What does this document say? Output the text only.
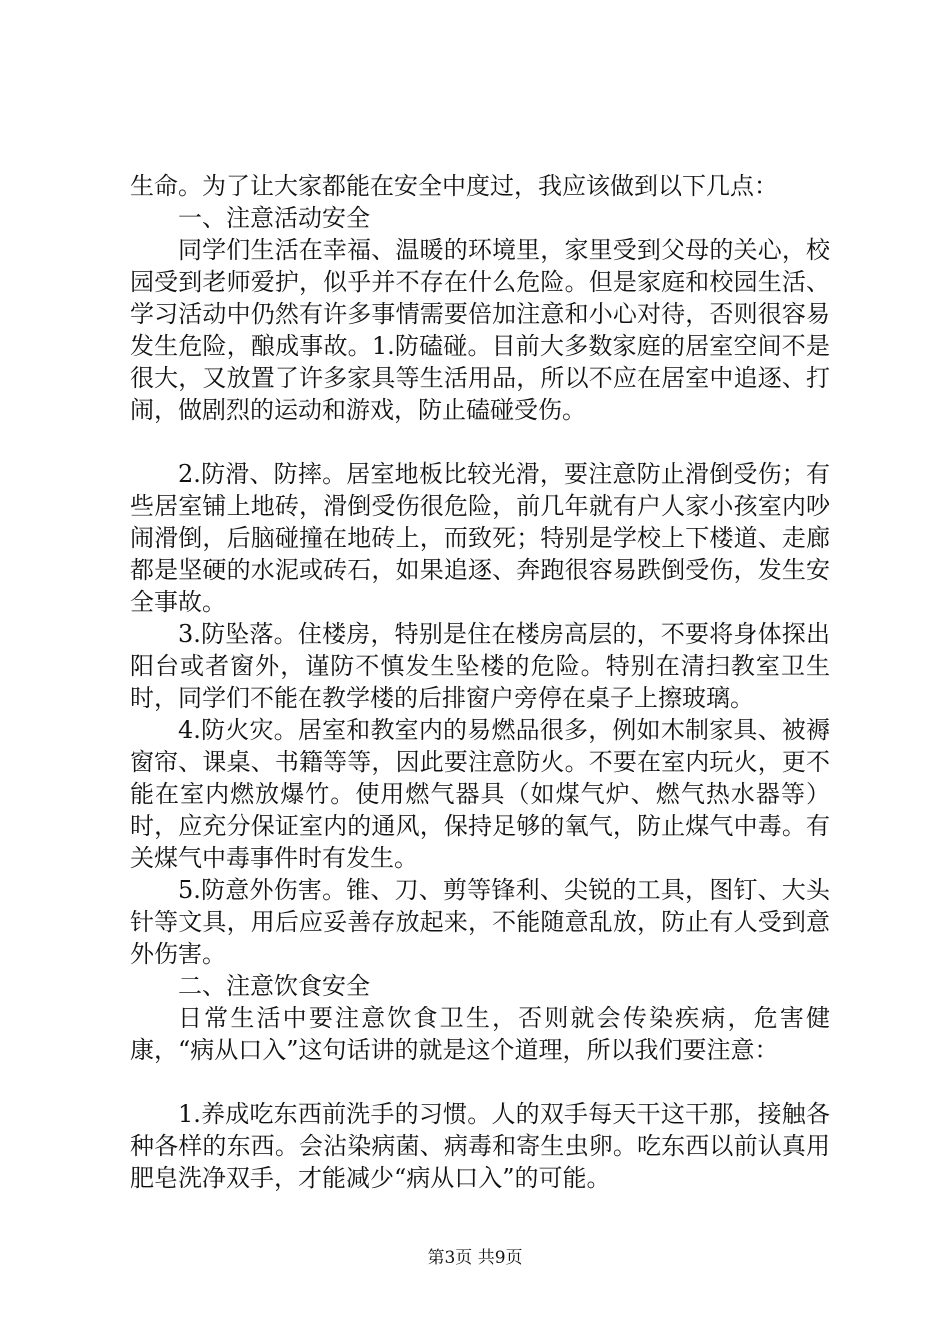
生命。为了让大家都能在安全中度过，我应该做到以下几点：

一、注意活动安全

同学们生活在幸福、温暖的环境里，家里受到父母的关心，校园受到老师爱护，似乎并不存在什么危险。但是家庭和校园生活、学习活动中仍然有许多事情需要倍加注意和小心对待，否则很容易发生危险，酿成事故。1.防磕碰。目前大多数家庭的居室空间不是很大，又放置了许多家具等生活用品，所以不应在居室中追逐、打闹，做剧烈的运动和游戏，防止磕碰受伤。

2.防滑、防摔。居室地板比较光滑，要注意防止滑倒受伤；有些居室铺上地砖，滑倒受伤很危险，前几年就有户人家小孩室内吵闹滑倒，后脑碰撞在地砖上，而致死；特别是学校上下楼道、走廊都是坚硬的水泥或砖石，如果追逐、奔跑很容易跌倒受伤，发生安全事故。

3.防坠落。住楼房，特别是住在楼房高层的，不要将身体探出阳台或者窗外，谨防不慎发生坠楼的危险。特别在清扫教室卫生时，同学们不能在教学楼的后排窗户旁停在桌子上擦玻璃。

4.防火灾。居室和教室内的易燃品很多，例如木制家具、被褥窗帘、课桌、书籍等等，因此要注意防火。不要在室内玩火，更不能在室内燃放爆竹。使用燃气器具（如煤气炉、燃气热水器等）时，应充分保证室内的通风，保持足够的氧气，防止煤气中毒。有关煤气中毒事件时有发生。

5.防意外伤害。锥、刀、剪等锋利、尖锐的工具，图钉、大头针等文具，用后应妥善存放起来，不能随意乱放，防止有人受到意外伤害。

二、注意饮食安全

日常生活中要注意饮食卫生，否则就会传染疾病，危害健康，“病从口入”这句话讲的就是这个道理，所以我们要注意：

1.养成吃东西前洗手的习惯。人的双手每天干这干那，接触各种各样的东西。会沾染病菌、病毒和寄生虫卵。吃东西以前认真用肥皂洗净双手，才能减少“病从口入”的可能。

第3页 共9页
